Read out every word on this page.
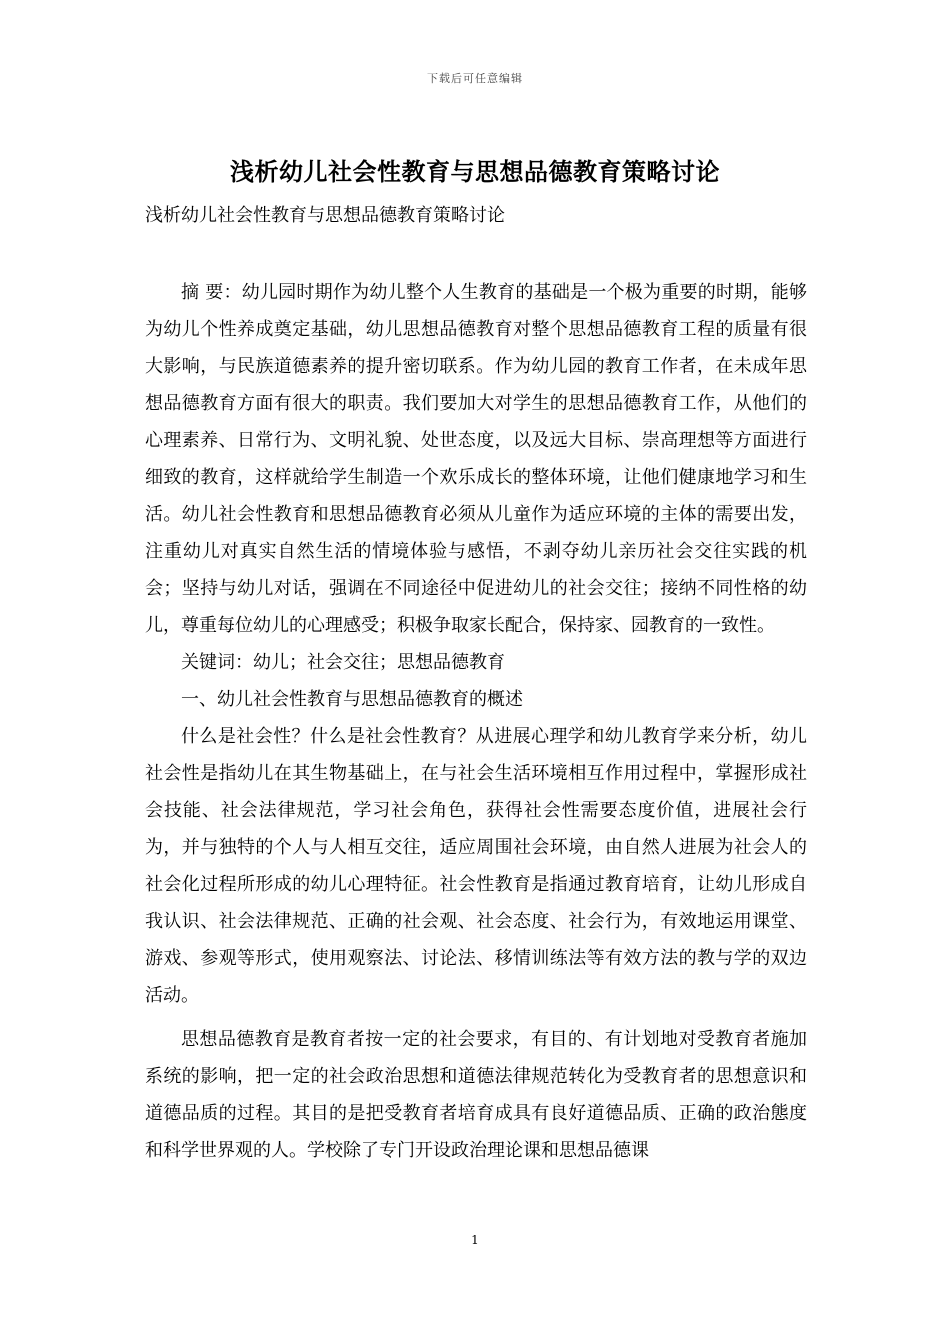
下载后可任意编辑
浅析幼儿社会性教育与思想品德教育策略讨论
浅析幼儿社会性教育与思想品德教育策略讨论

摘 要：幼儿园时期作为幼儿整个人生教育的基础是一个极为重要的时期，能够为幼儿个性养成奠定基础，幼儿思想品德教育对整个思想品德教育工程的质量有很大影响，与民族道德素养的提升密切联系。作为幼儿园的教育工作者，在未成年思想品德教育方面有很大的职责。我们要加大对学生的思想品德教育工作，从他们的心理素养、日常行为、文明礼貌、处世态度，以及远大目标、崇高理想等方面进行细致的教育，这样就给学生制造一个欢乐成长的整体环境，让他们健康地学习和生活。幼儿社会性教育和思想品德教育必须从儿童作为适应环境的主体的需要出发，注重幼儿对真实自然生活的情境体验与感悟，不剥夺幼儿亲历社会交往实践的机会；坚持与幼儿对话，强调在不同途径中促进幼儿的社会交往；接纳不同性格的幼儿，尊重每位幼儿的心理感受；积极争取家长配合，保持家、园教育的一致性。

关键词：幼儿；社会交往；思想品德教育

一、幼儿社会性教育与思想品德教育的概述

什么是社会性？什么是社会性教育？从进展心理学和幼儿教育学来分析，幼儿社会性是指幼儿在其生物基础上，在与社会生活环境相互作用过程中，掌握形成社会技能、社会法律规范，学习社会角色，获得社会性需要态度价值，进展社会行为，并与独特的个人与人相互交往，适应周围社会环境，由自然人进展为社会人的社会化过程所形成的幼儿心理特征。社会性教育是指通过教育培育，让幼儿形成自我认识、社会法律规范、正确的社会观、社会态度、社会行为，有效地运用课堂、游戏、参观等形式，使用观察法、讨论法、移情训练法等有效方法的教与学的双边活动。

思想品德教育是教育者按一定的社会要求，有目的、有计划地对受教育者施加系统的影响，把一定的社会政治思想和道德法律规范转化为受教育者的思想意识和道德品质的过程。其目的是把受教育者培育成具有良好道德品质、正确的政治態度和科学世界观的人。学校除了专门开设政治理论课和思想品德课

1
